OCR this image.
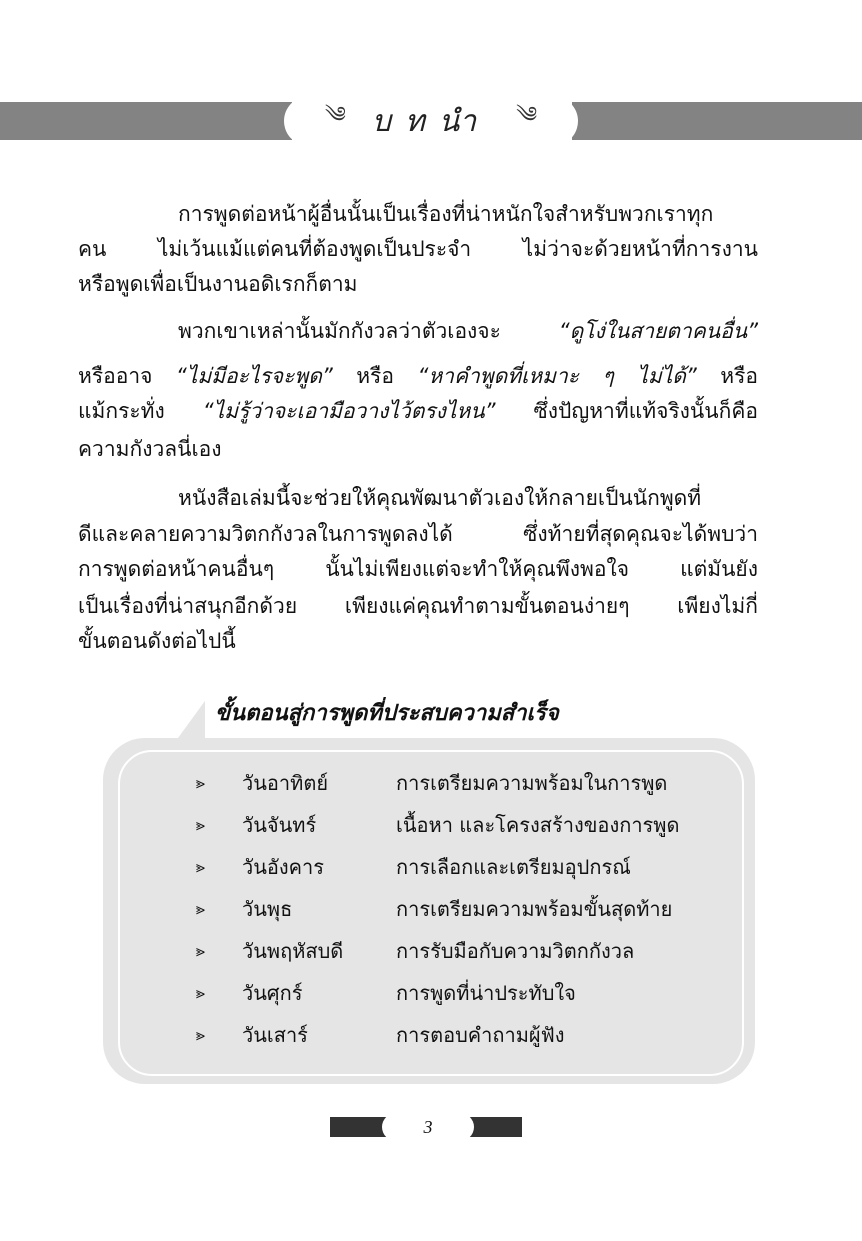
༄ บทนำ ༄
การพูดต่อหน้าผู้อื่นนั้นเป็นเรื่องที่น่าหนักใจสำหรับพวกเราทุก
คน ไม่เว้นแม้แต่คนที่ต้องพูดเป็นประจำ ไม่ว่าจะด้วยหน้าที่การงาน
หรือพูดเพื่อเป็นงานอดิเรกก็ตาม
พวกเขาเหล่านั้นมักกังวลว่าตัวเองจะ “ดูโง่ในสายตาคนอื่น”
หรืออาจ “ไม่มีอะไรจะพูด” หรือ “หาคำพูดที่เหมาะ ๆ ไม่ได้” หรือ
แม้กระทั่ง “ไม่รู้ว่าจะเอามือวางไว้ตรงไหน” ซึ่งปัญหาที่แท้จริงนั้นก็คือ
ความกังวลนี่เอง
หนังสือเล่มนี้จะช่วยให้คุณพัฒนาตัวเองให้กลายเป็นนักพูดที่
ดีและคลายความวิตกกังวลในการพูดลงได้ ซึ่งท้ายที่สุดคุณจะได้พบว่า
การพูดต่อหน้าคนอื่นๆ นั้นไม่เพียงแต่จะทำให้คุณพึงพอใจ แต่มันยัง
เป็นเรื่องที่น่าสนุกอีกด้วย เพียงแค่คุณทำตามขั้นตอนง่ายๆ เพียงไม่กี่
ขั้นตอนดังต่อไปนี้
ขั้นตอนสู่การพูดที่ประสบความสำเร็จ
⪢	วันอาทิตย์	การเตรียมความพร้อมในการพูด
⪢	วันจันทร์	เนื้อหา และโครงสร้างของการพูด
⪢	วันอังคาร	การเลือกและเตรียมอุปกรณ์
⪢	วันพุธ	การเตรียมความพร้อมขั้นสุดท้าย
⪢	วันพฤหัสบดี	การรับมือกับความวิตกกังวล
⪢	วันศุกร์	การพูดที่น่าประทับใจ
⪢	วันเสาร์	การตอบคำถามผู้ฟัง
3
